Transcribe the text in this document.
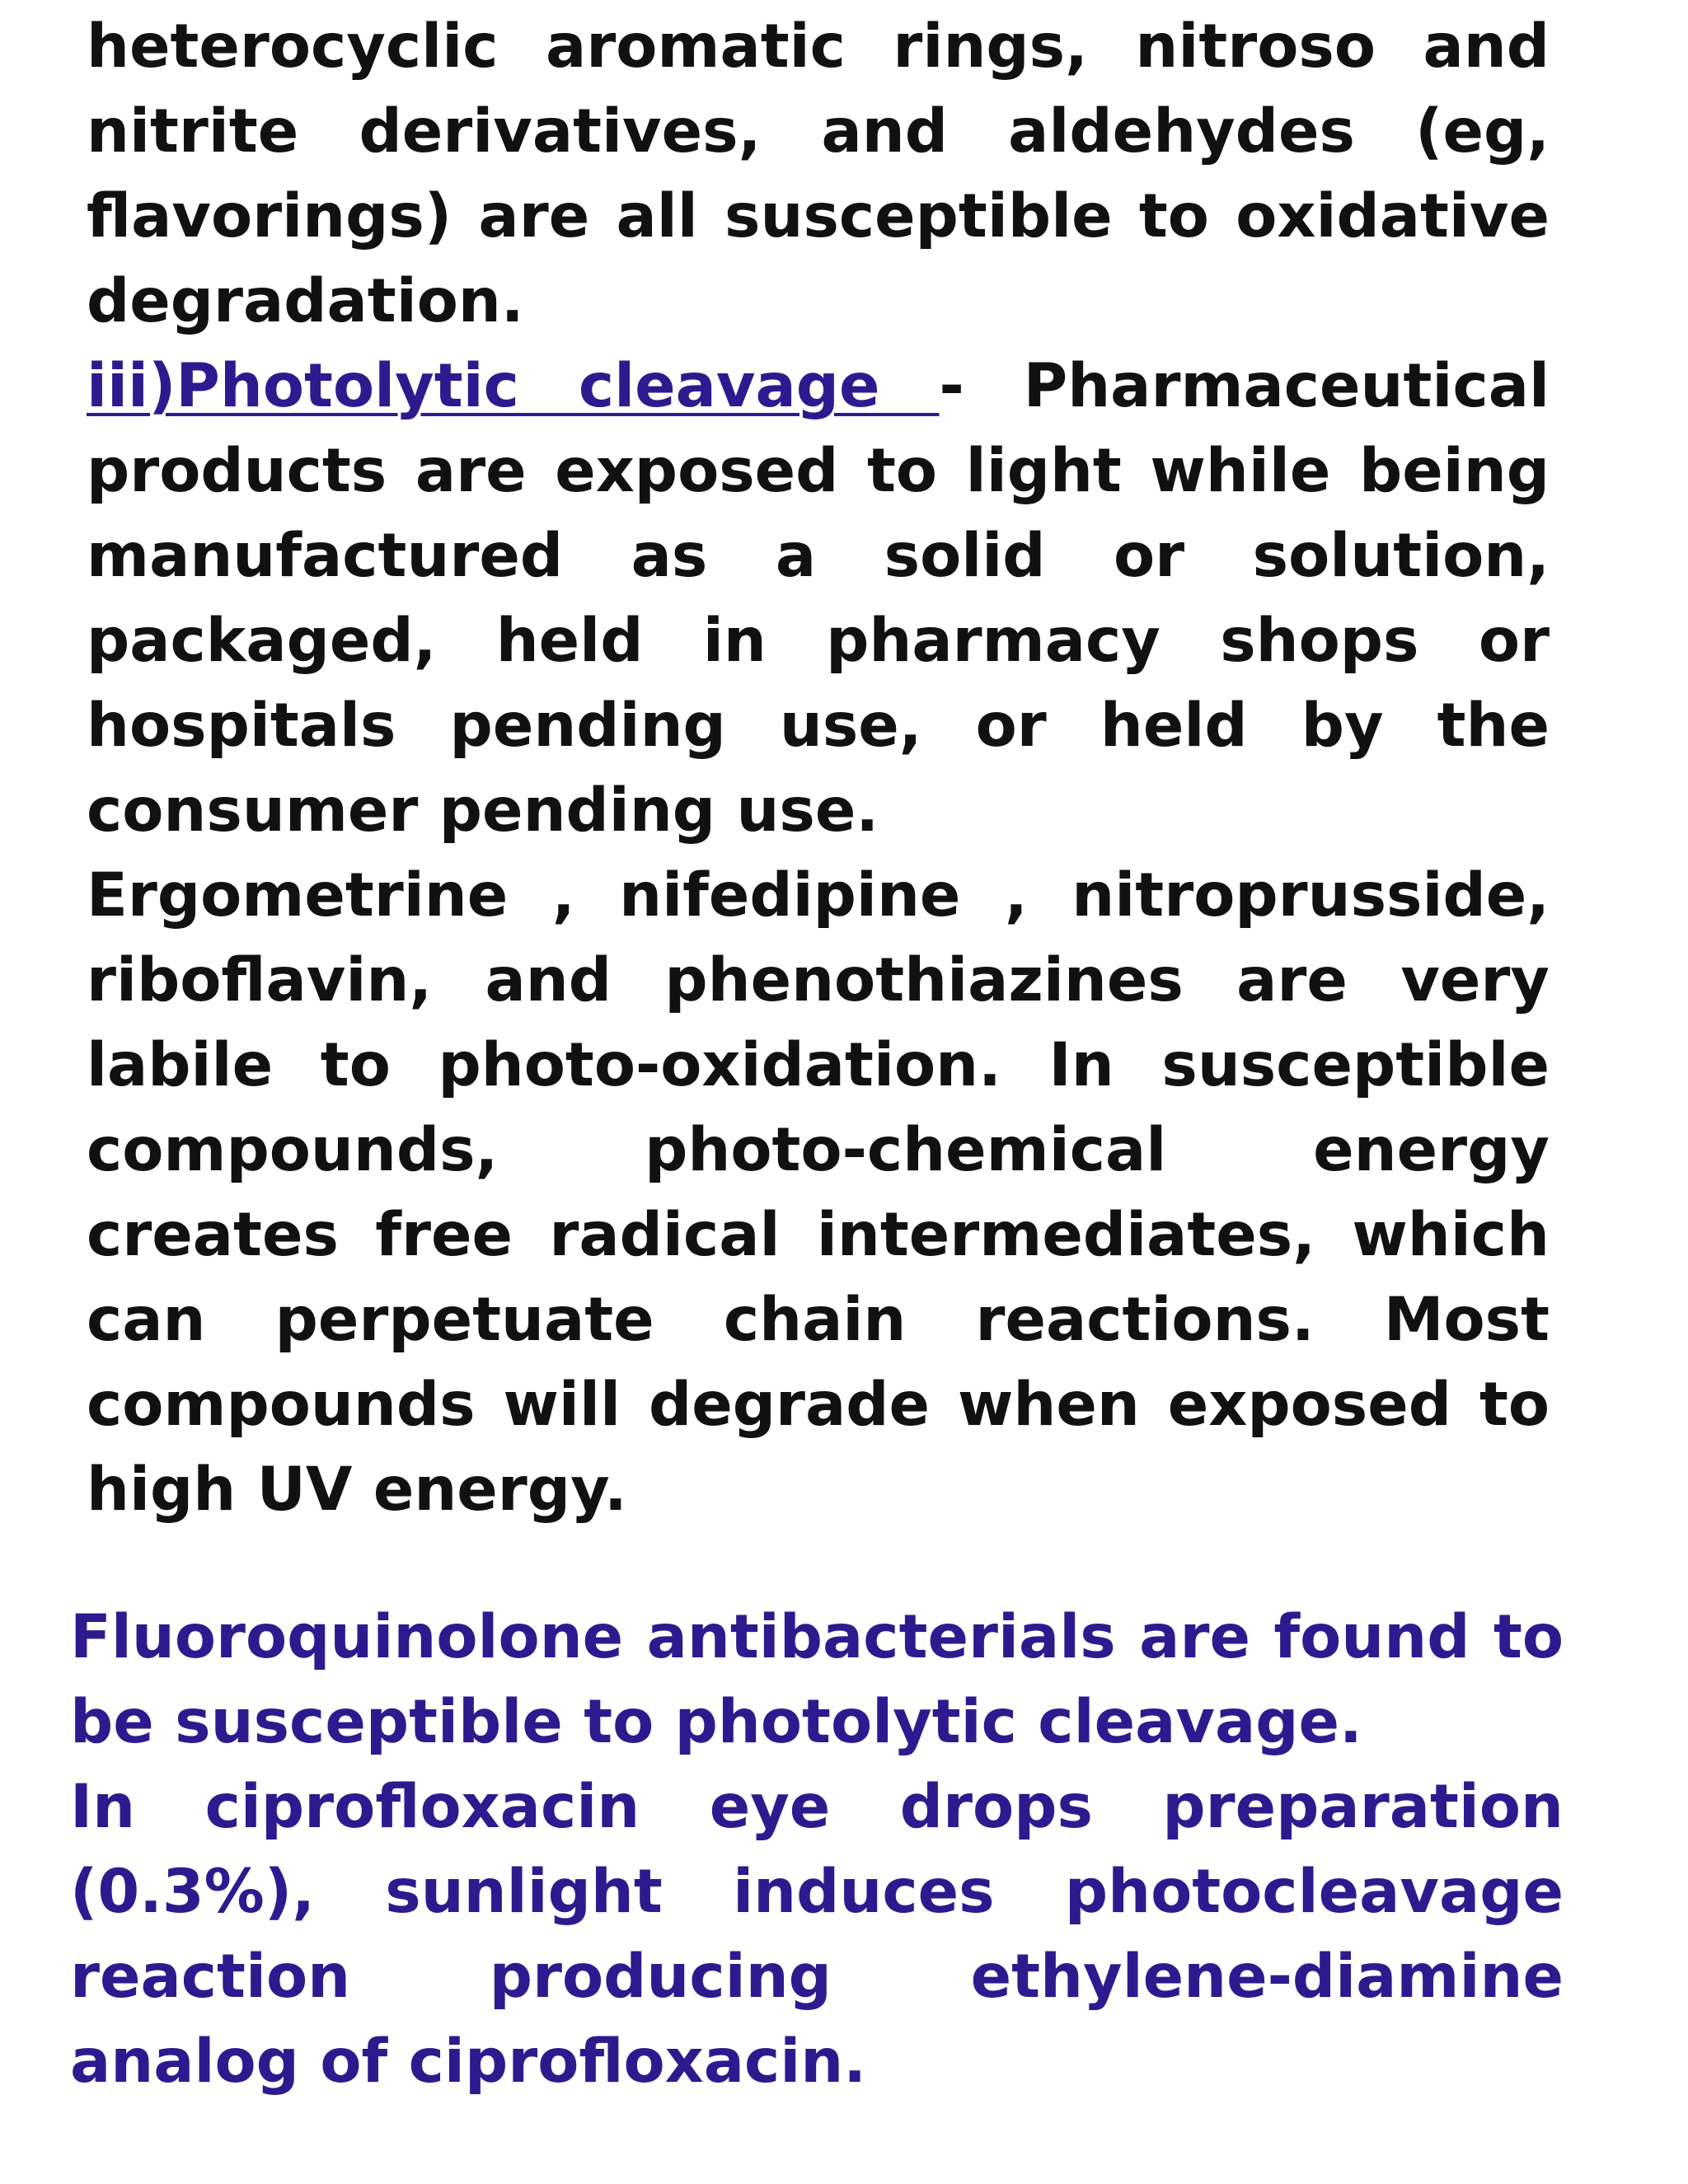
heterocyclic aromatic rings, nitroso and
nitrite derivatives, and aldehydes (eg,
flavorings) are all susceptible to oxidative
degradation.
iii)Photolytic cleavage - Pharmaceutical
products are exposed to light while being
manufactured as a solid or solution,
packaged, held in pharmacy shops or
hospitals pending use, or held by the
consumer pending use.
Ergometrine , nifedipine , nitroprusside,
riboflavin, and phenothiazines are very
labile to photo-oxidation. In susceptible
compounds, photo-chemical energy
creates free radical intermediates, which
can perpetuate chain reactions. Most
compounds will degrade when exposed to
high UV energy.
Fluoroquinolone antibacterials are found to
be susceptible to photolytic cleavage.
In ciprofloxacin eye drops preparation
(0.3%), sunlight induces photocleavage
reaction producing ethylene-diamine
analog of ciprofloxacin.
